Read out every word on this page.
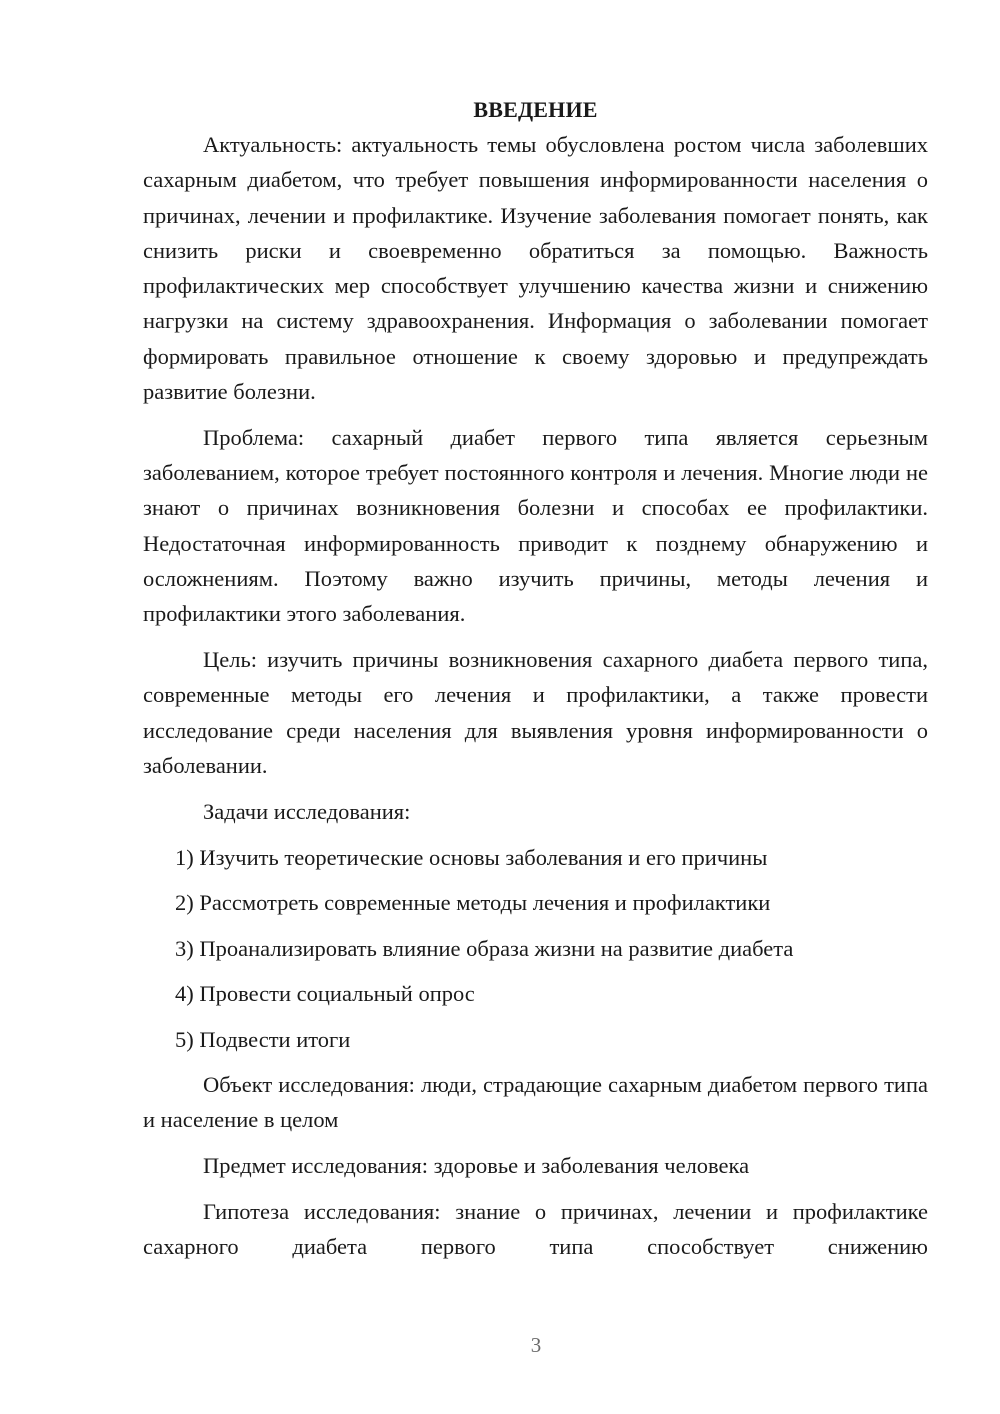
ВВЕДЕНИЕ

Актуальность: актуальность темы обусловлена ростом числа заболевших сахарным диабетом, что требует повышения информированности населения о причинах, лечении и профилактике. Изучение заболевания помогает понять, как снизить риски и своевременно обратиться за помощью. Важность профилактических мер способствует улучшению качества жизни и снижению нагрузки на систему здравоохранения. Информация о заболевании помогает формировать правильное отношение к своему здоровью и предупреждать развитие болезни.

Проблема: сахарный диабет первого типа является серьезным заболеванием, которое требует постоянного контроля и лечения. Многие люди не знают о причинах возникновения болезни и способах ее профилактики. Недостаточная информированность приводит к позднему обнаружению и осложнениям. Поэтому важно изучить причины, методы лечения и профилактики этого заболевания.

Цель: изучить причины возникновения сахарного диабета первого типа, современные методы его лечения и профилактики, а также провести исследование среди населения для выявления уровня информированности о заболевании.

Задачи исследования:

1) Изучить теоретические основы заболевания и его причины

2) Рассмотреть современные методы лечения и профилактики

3) Проанализировать влияние образа жизни на развитие диабета

4) Провести социальный опрос

5) Подвести итоги

Объект исследования: люди, страдающие сахарным диабетом первого типа и население в целом

Предмет исследования: здоровье и заболевания человека

Гипотеза исследования: знание о причинах, лечении и профилактике сахарного диабета первого типа способствует снижению

3
